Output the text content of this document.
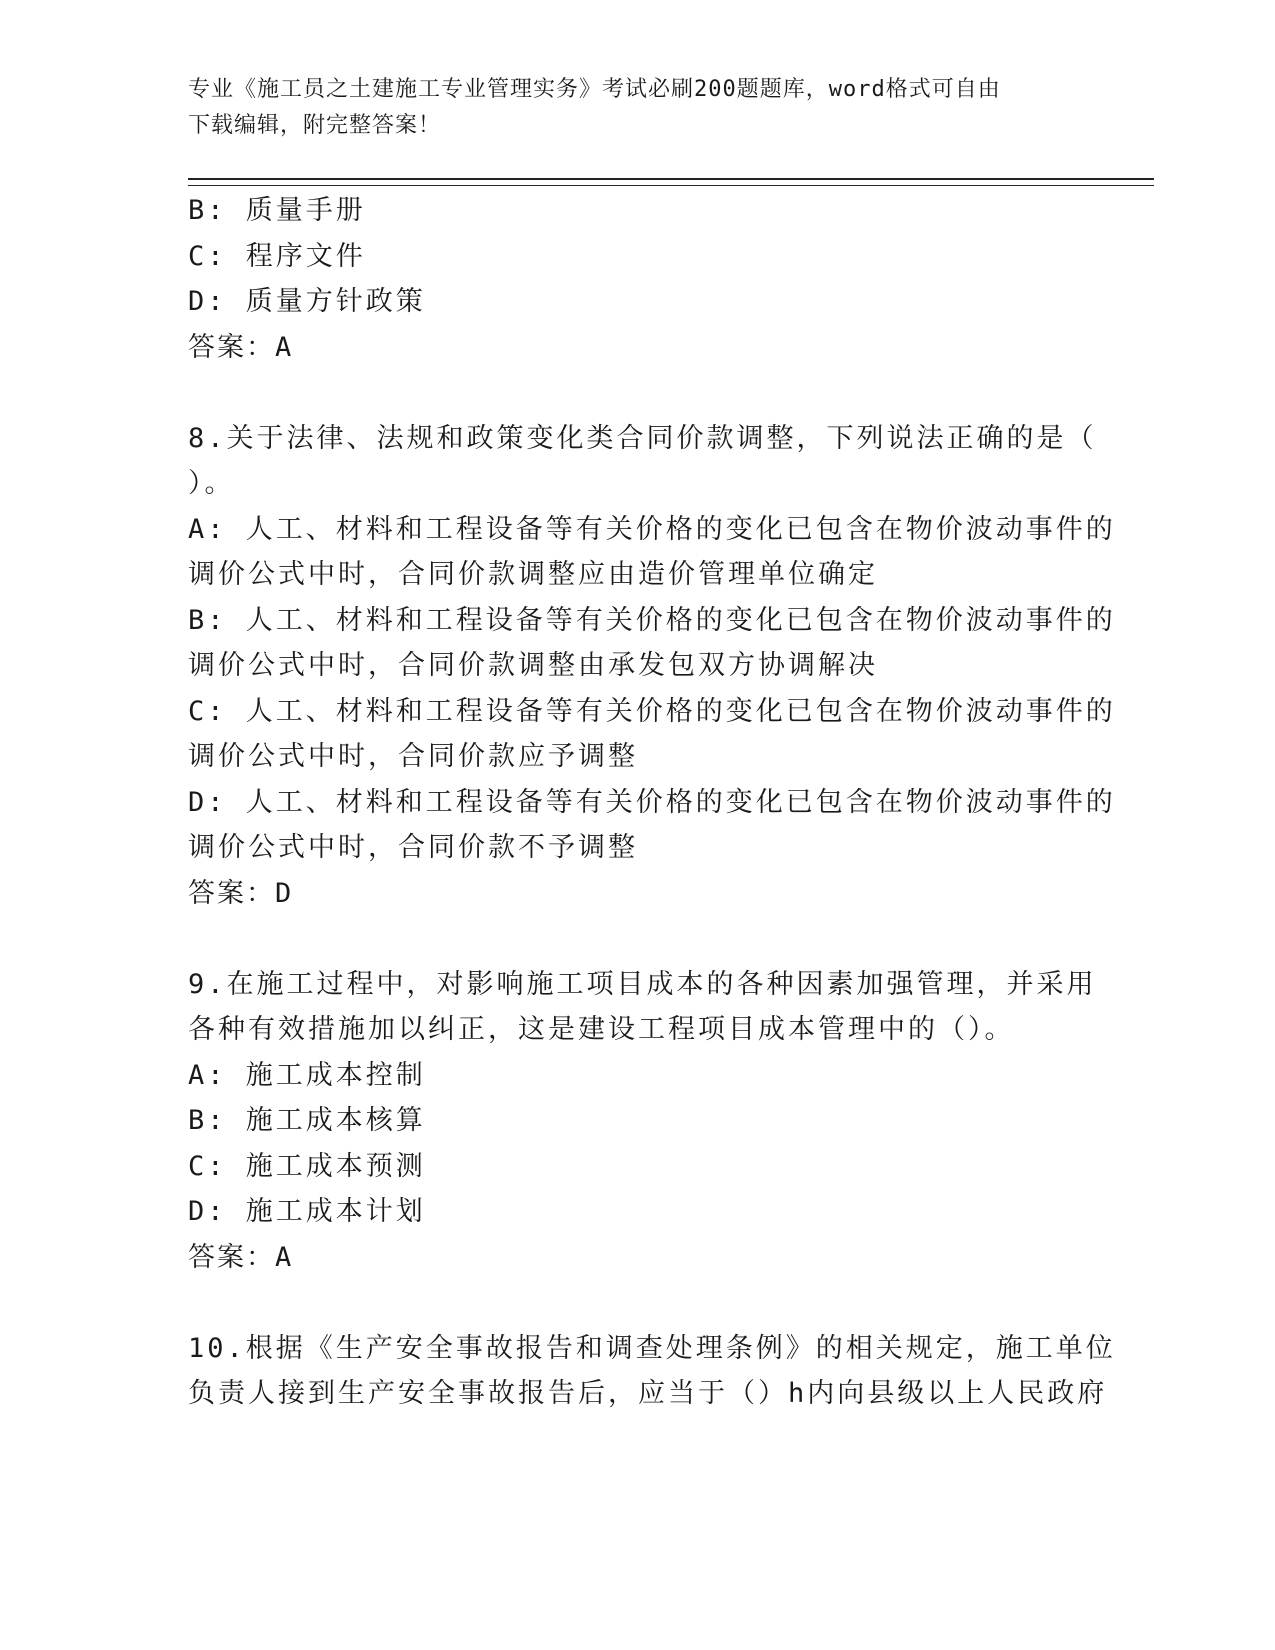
专业《施工员之土建施工专业管理实务》考试必刷200题题库，word格式可自由
下载编辑，附完整答案！
B: 质量手册
C: 程序文件
D: 质量方针政策
答案：A
8.关于法律、法规和政策变化类合同价款调整，下列说法正确的是（
）。
A: 人工、材料和工程设备等有关价格的变化已包含在物价波动事件的
调价公式中时，合同价款调整应由造价管理单位确定
B: 人工、材料和工程设备等有关价格的变化已包含在物价波动事件的
调价公式中时，合同价款调整由承发包双方协调解决
C: 人工、材料和工程设备等有关价格的变化已包含在物价波动事件的
调价公式中时，合同价款应予调整
D: 人工、材料和工程设备等有关价格的变化已包含在物价波动事件的
调价公式中时，合同价款不予调整
答案：D
9.在施工过程中，对影响施工项目成本的各种因素加强管理，并采用
各种有效措施加以纠正，这是建设工程项目成本管理中的（）。
A: 施工成本控制
B: 施工成本核算
C: 施工成本预测
D: 施工成本计划
答案：A
10.根据《生产安全事故报告和调查处理条例》的相关规定，施工单位
负责人接到生产安全事故报告后，应当于（）h内向县级以上人民政府
